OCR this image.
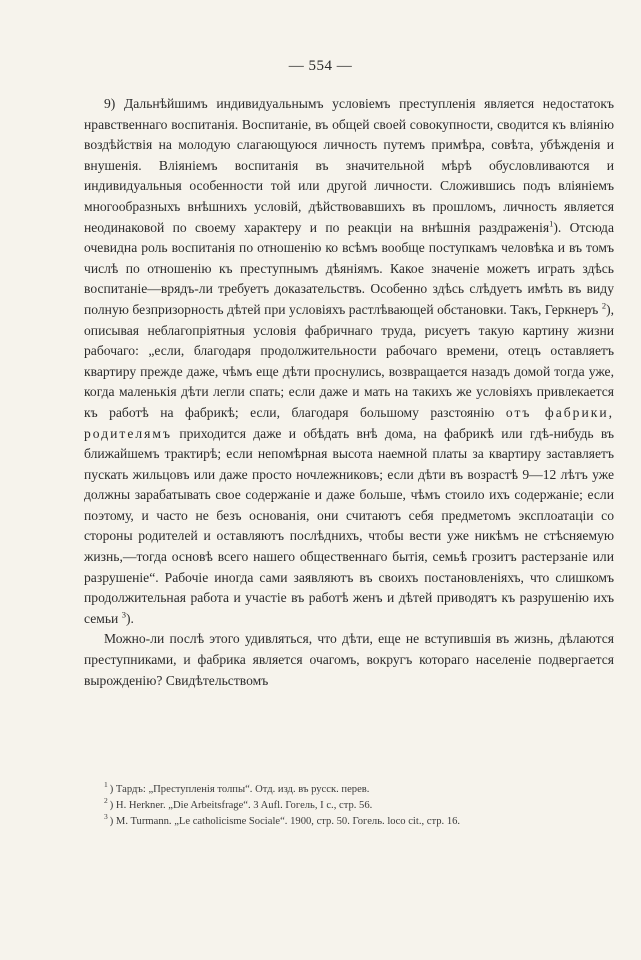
— 554 —

9) Дальнѣйшимъ индивидуальнымъ условіемъ преступленія является недостатокъ нравственнаго воспитанія. Воспитаніе, въ общей своей совокупности, сводится къ вліянію воздѣйствія на молодую слагающуюся личность путемъ примѣра, совѣта, убѣжденія и внушенія. Вліяніемъ воспитанія въ значительной мѣрѣ обусловливаются и индивидуальныя особенности той или другой личности. Сложившись подъ вліяніемъ многообразныхъ внѣшнихъ условій, дѣйствовавшихъ въ прошломъ, личность является неодинаковой по своему характеру и по реакціи на внѣшнія раздраженія$^1$). Отсюда очевидна роль воспитанія по отношенію ко всѣмъ вообще поступкамъ человѣка и въ томъ числѣ по отношенію къ преступнымъ дѣяніямъ. Какое значеніе можетъ играть здѣсь воспитаніе—врядъ-ли требуетъ доказательствъ. Особенно здѣсь слѣдуетъ имѣть въ виду полную безпризорность дѣтей при условіяхъ растлѣвающей обстановки. Такъ, Геркнеръ $^2$), описывая неблагопріятныя условія фабричнаго труда, рисуетъ такую картину жизни рабочаго: „если, благодаря продолжительности рабочаго времени, отецъ оставляетъ квартиру прежде даже, чѣмъ еще дѣти проснулись, возвращается назадъ домой тогда уже, когда маленькія дѣти легли спать; если даже и мать на такихъ же условіяхъ привлекается къ работѣ на фабрикѣ; если, благодаря большому разстоянію отъ фабрики, родителямъ приходится даже и обѣдать внѣ дома, на фабрикѣ или гдѣ-нибудь въ ближайшемъ трактирѣ; если непомѣрная высота наемной платы за квартиру заставляетъ пускать жильцовъ или даже просто ночлежниковъ; если дѣти въ возрастѣ 9—12 лѣтъ уже должны зарабатывать свое содержаніе и даже больше, чѣмъ стоило ихъ содержаніе; если поэтому, и часто не безъ основанія, они считаютъ себя предметомъ эксплоатаціи со стороны родителей и оставляютъ послѣднихъ, чтобы вести уже никѣмъ не стѣсняемую жизнь,—тогда основѣ всего нашего общественнаго бытія, семьѣ грозитъ растерзаніе или разрушеніе“. Рабочіе иногда сами заявляютъ въ своихъ постановленіяхъ, что слишкомъ продолжительная работа и участіе въ работѣ женъ и дѣтей приводятъ къ разрушенію ихъ семьи $^3$).

Можно-ли послѣ этого удивляться, что дѣти, еще не вступившія въ жизнь, дѣлаются преступниками, и фабрика является очагомъ, вокругъ котораго населеніе подвергается вырожденію? Свидѣтельствомъ

$^1$ ) Тардъ: „Преступленія толпы“. Отд. изд. въ русск. перев.
$^2$ ) H. Herkner. „Die Arbeitsfrage“. 3 Aufl. Гогель, I с., стр. 56.
$^3$ ) M. Turmann. „Le catholicisme Sociale“. 1900, стр. 50. Гогель. loco cit., стр. 16.
